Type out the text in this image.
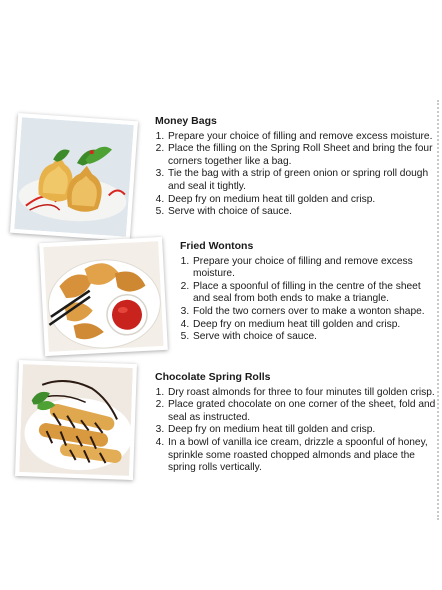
Money Bags
1. Prepare your choice of filling and remove excess moisture.
2. Place the filling on the Spring Roll Sheet and bring the four corners together like a bag.
3. Tie the bag with a strip of green onion or spring roll dough and seal it tightly.
4. Deep fry on medium heat till golden and crisp.
5. Serve with choice of sauce.
Fried Wontons
1. Prepare your choice of filling and remove excess moisture.
2. Place a spoonful of filling in the centre of the sheet and seal from both ends to make a triangle.
3. Fold the two corners over to make a wonton shape.
4. Deep fry on medium heat till golden and crisp.
5. Serve with choice of sauce.
Chocolate Spring Rolls
1. Dry roast almonds for three to four minutes till golden crisp.
2. Place grated chocolate on one corner of the sheet, fold and seal as instructed.
3. Deep fry on medium heat till golden and crisp.
4. In a bowl of vanilla ice cream, drizzle a spoonful of honey, sprinkle some roasted chopped almonds and place the spring rolls vertically.
